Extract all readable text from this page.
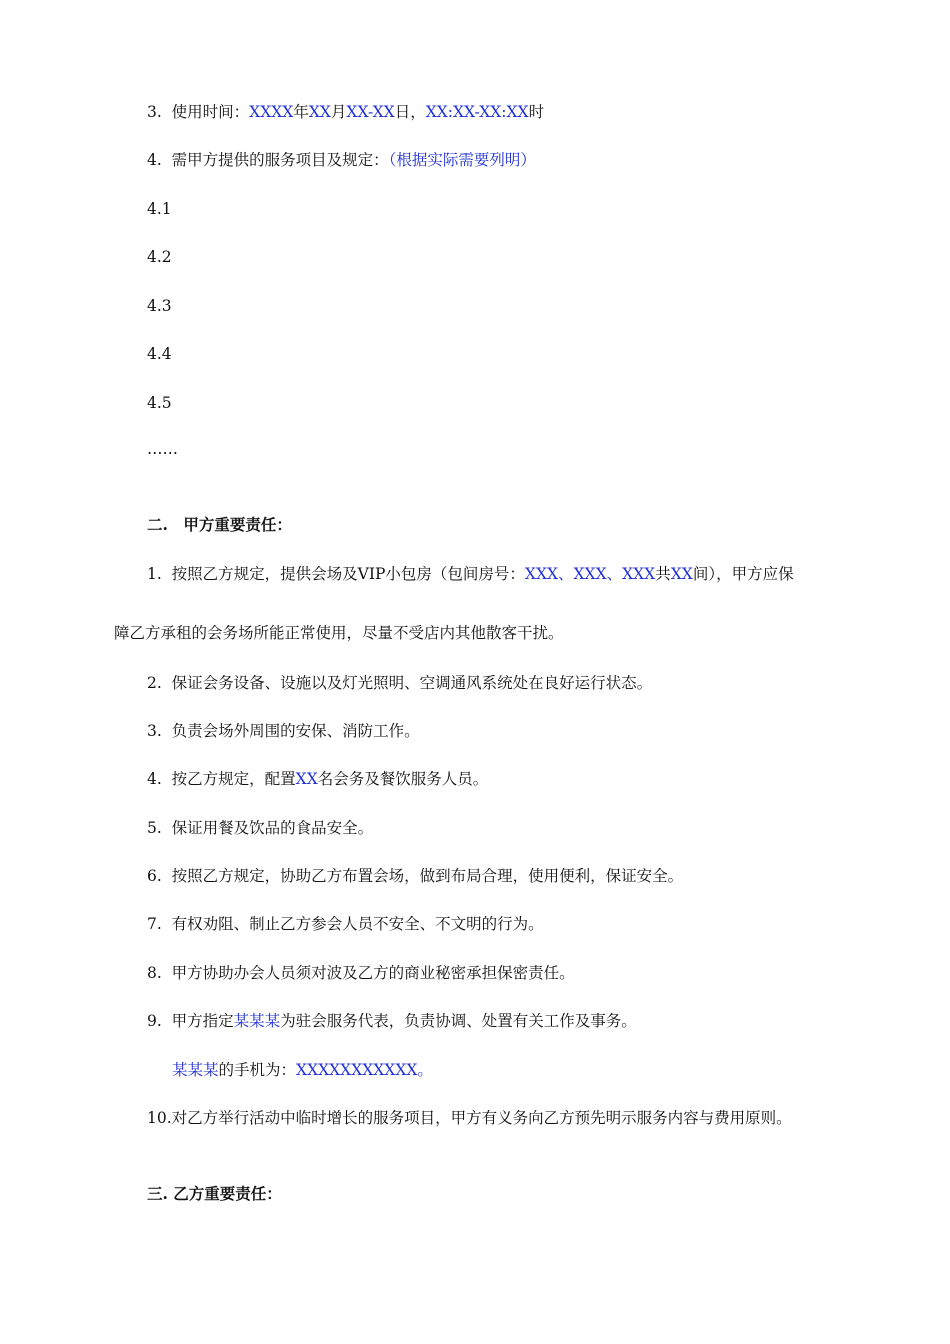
3. 使用时间：XXXX年XX月XX-XX日，XX:XX-XX:XX时
4. 需甲方提供的服务项目及规定：（根据实际需要列明）
4.1
4.2
4.3
4.4
4.5
……
二.　甲方重要责任：
1. 按照乙方规定，提供会场及VIP小包房（包间房号：XXX、XXX、XXX共XX间），甲方应保
障乙方承租的会务场所能正常使用，尽量不受店内其他散客干扰。
2. 保证会务设备、设施以及灯光照明、空调通风系统处在良好运行状态。
3. 负责会场外周围的安保、消防工作。
4. 按乙方规定，配置XX名会务及餐饮服务人员。
5. 保证用餐及饮品的食品安全。
6. 按照乙方规定，协助乙方布置会场，做到布局合理，使用便利，保证安全。
7. 有权劝阻、制止乙方参会人员不安全、不文明的行为。
8. 甲方协助办会人员须对波及乙方的商业秘密承担保密责任。
9. 甲方指定某某某为驻会服务代表，负责协调、处置有关工作及事务。
某某某的手机为：XXXXXXXXXXX。
10.对乙方举行活动中临时增长的服务项目，甲方有义务向乙方预先明示服务内容与费用原则。
三. 乙方重要责任：
